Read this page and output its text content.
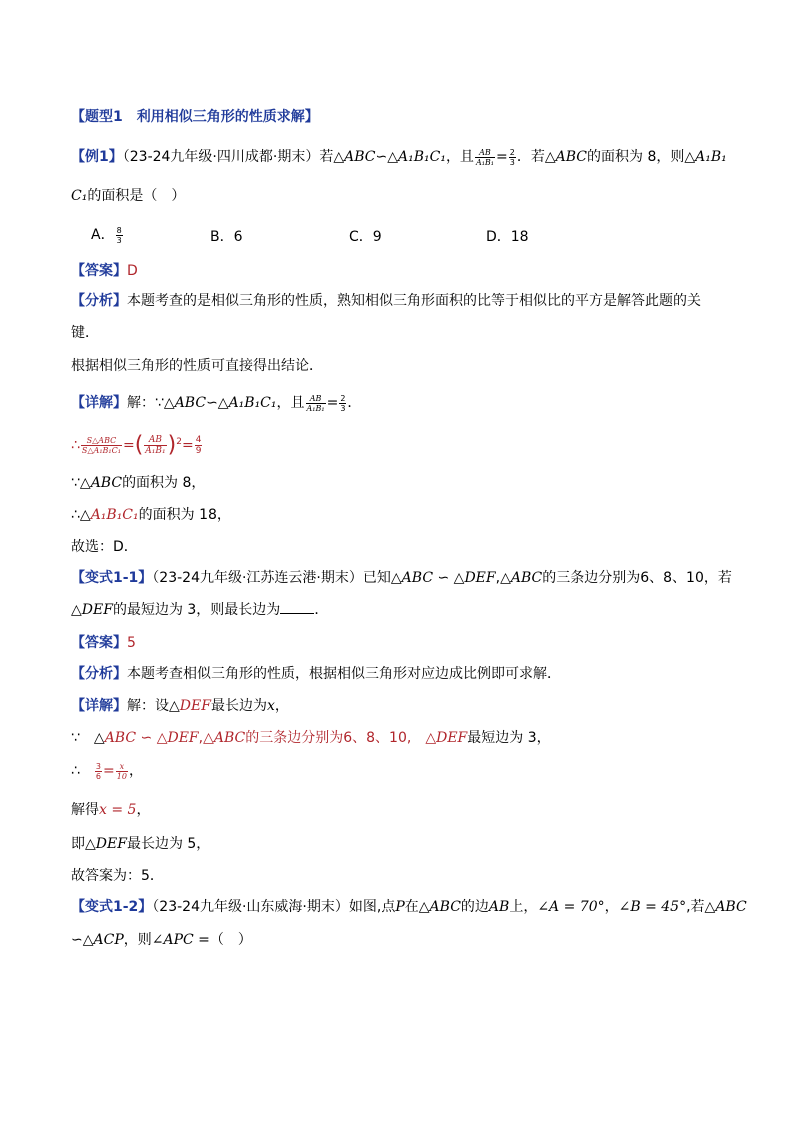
【题型1　利用相似三角形的性质求解】
【例1】（23-24九年级·四川成都·期末）若△ABC∽△A₁B₁C₁，且 $\frac{AB}{\text{A₁B₁}} = \frac{2}{3}$ ．若△ABC的面积为 8，则△A₁B₁
C₁的面积是（　）
A． $\frac{8}{3}$	B．6	C．9	D．18
【答案】D
【分析】本题考查的是相似三角形的性质，熟知相似三角形面积的比等于相似比的平方是解答此题的关
键．
根据相似三角形的性质可直接得出结论．
【详解】解：∵△ABC∽△A₁B₁C₁，且 $\frac{AB}{\text{A₁B₁}} = \frac{2}{3}$ ．
∴ $\frac{\text{S△ABC}}{\text{S△A₁B₁C₁}}$ =( $\frac{AB}{\text{A₁B₁}} )^2= \frac{4}{9}$
∵△ABC的面积为 8，
∴△A₁B₁C₁的面积为 18，
故选：D．
【变式1-1】（23-24九年级·江苏连云港·期末）已知△ABC ∽ △DEF,△ABC的三条边分别为6、8、10，若
△DEF的最短边为 3，则最长边为 ．
【答案】5
【分析】本题考查相似三角形的性质，根据相似三角形对应边成比例即可求解．
【详解】解：设△DEF最长边为x，
∵　△ABC ∽ △DEF,△ABC的三条边分别为6、8、10,　△DEF最短边为 3，
∴　 $\frac{3}{6} = \frac{x}{10}$ ，
解得x = 5，
即△DEF最长边为 5，
故答案为：5．
【变式1-2】（23-24九年级·山东威海·期末）如图,点P在△ABC的边AB上，∠A = 70°，∠B = 45°,若△ABC
∽△ACP，则∠APC =（　）
